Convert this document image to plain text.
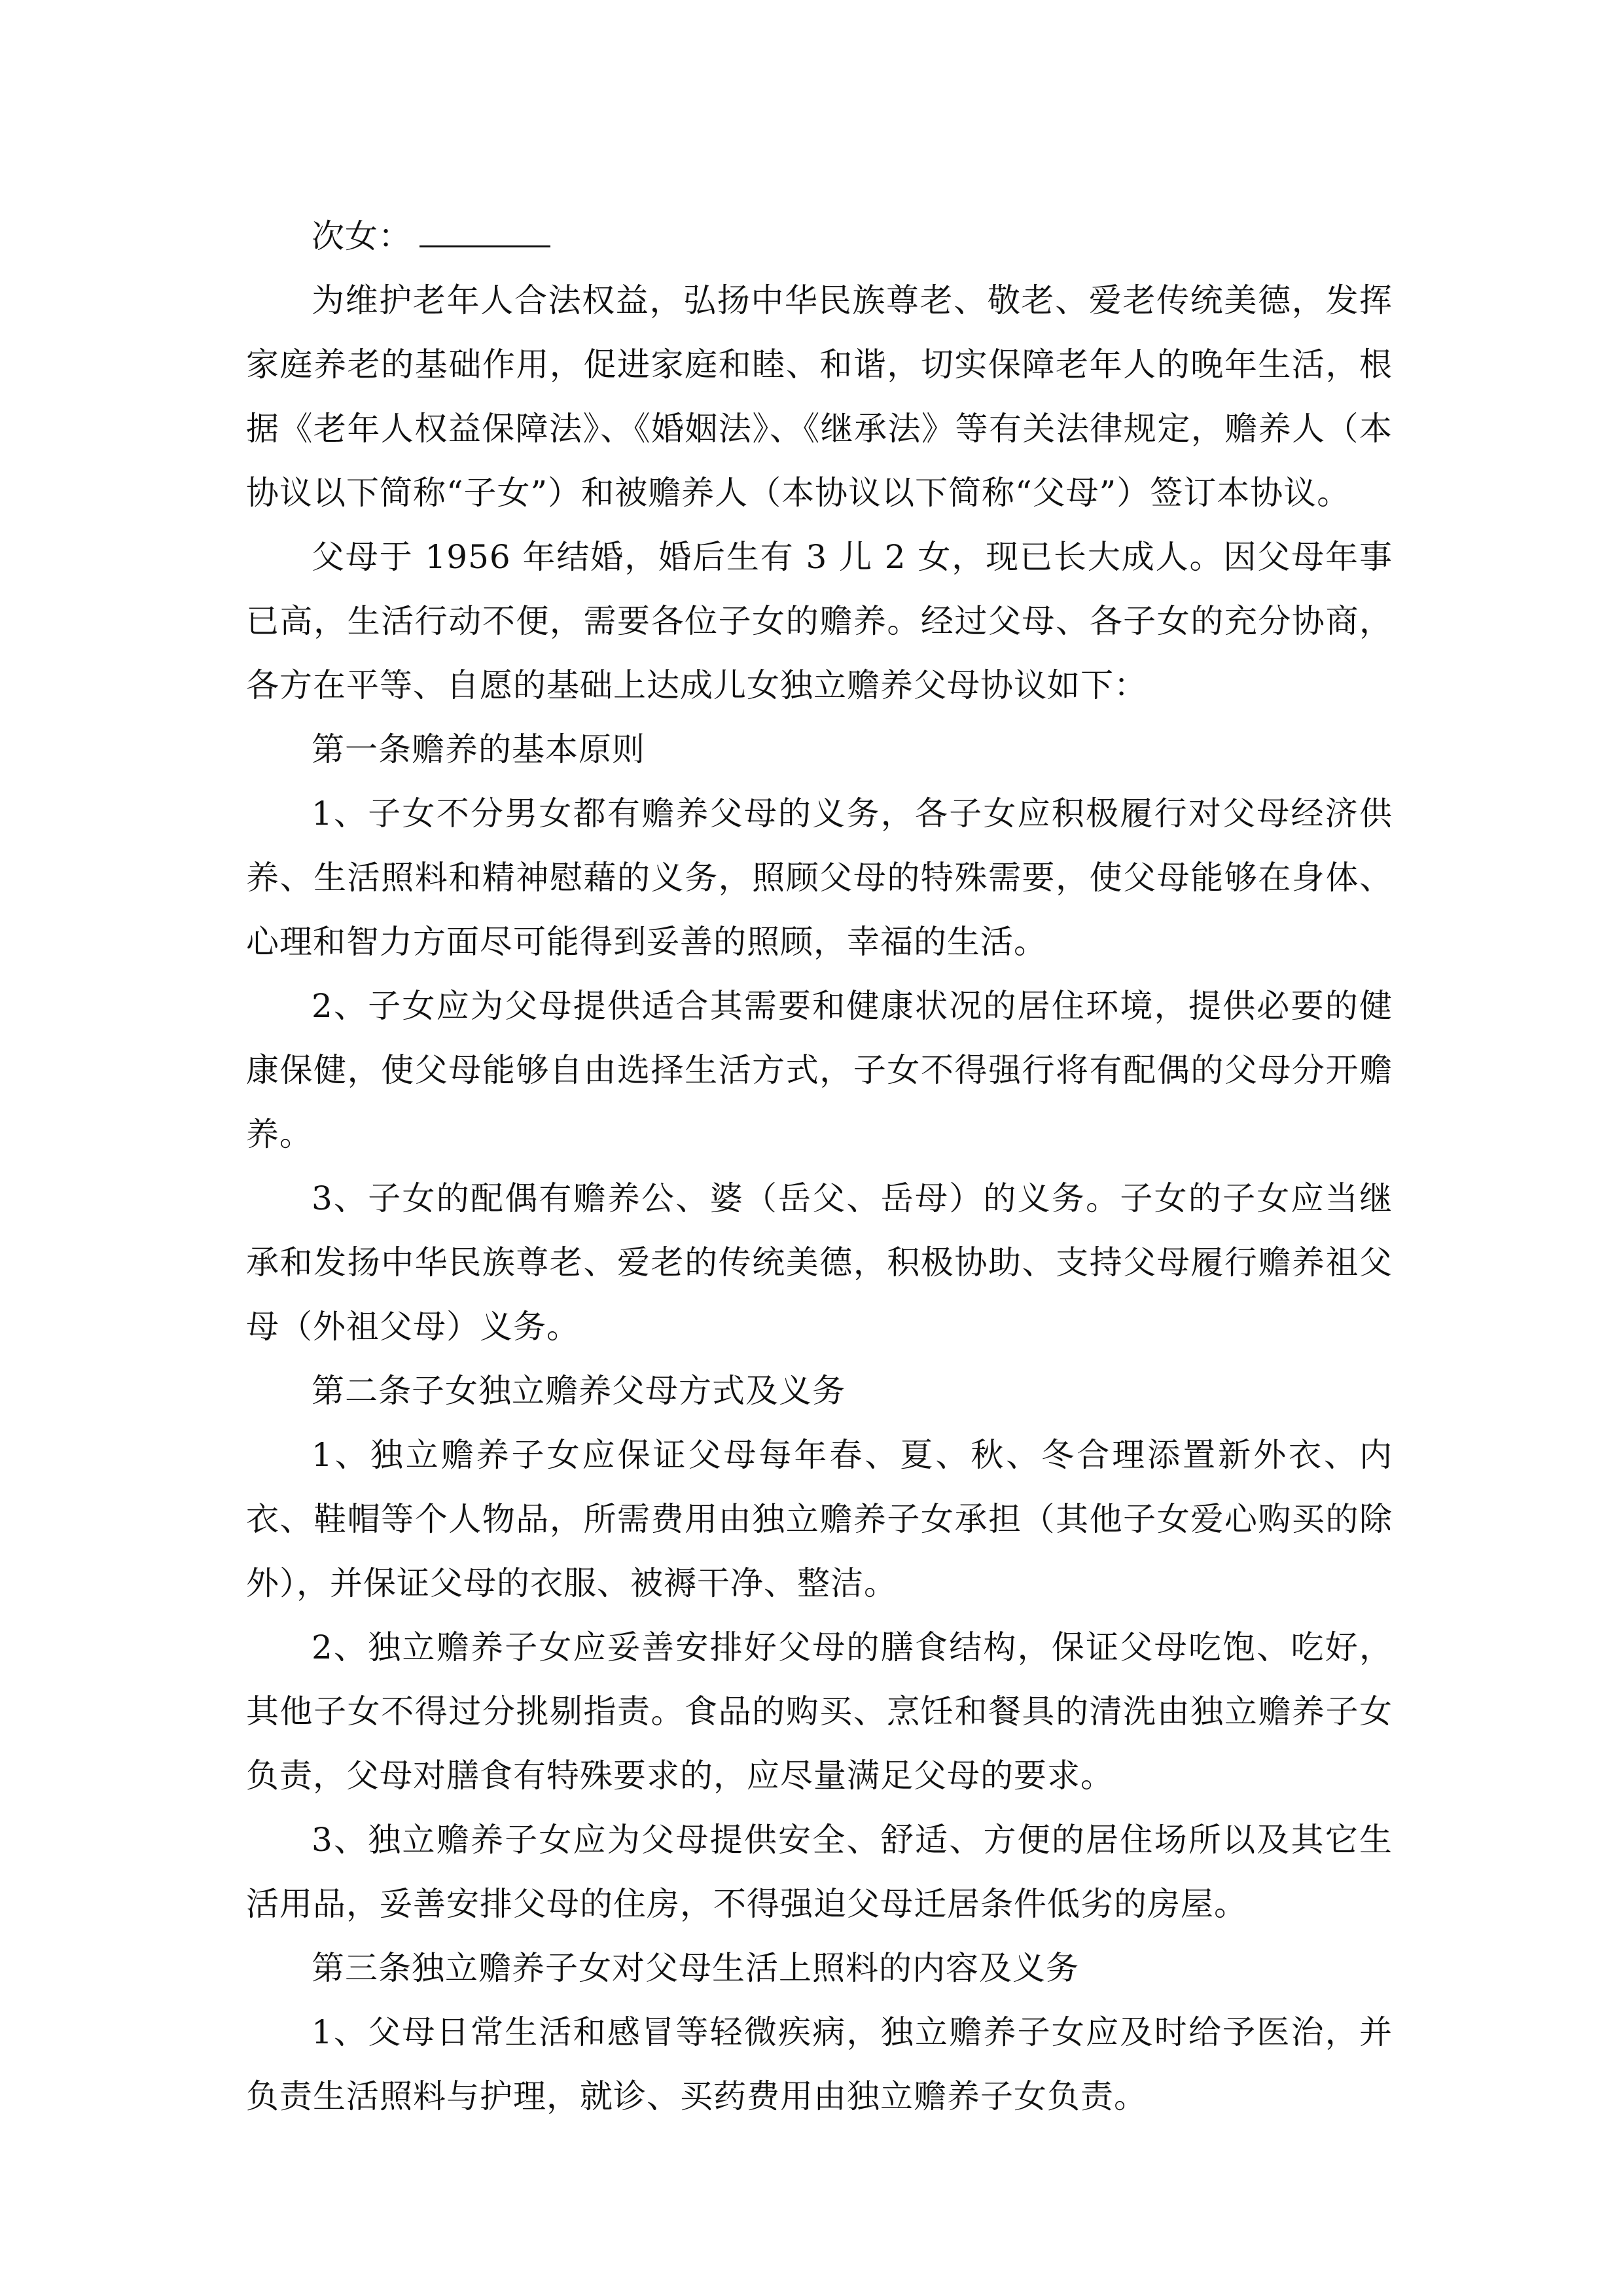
次女：

为维护老年人合法权益，弘扬中华民族尊老、敬老、爱老传统美德，发挥家庭养老的基础作用，促进家庭和睦、和谐，切实保障老年人的晚年生活，根据《老年人权益保障法》、《婚姻法》、《继承法》等有关法律规定，赡养人（本协议以下简称“子女”）和被赡养人（本协议以下简称“父母”）签订本协议。

父母于 1956 年结婚，婚后生有 3 儿 2 女，现已长大成人。因父母年事已高，生活行动不便，需要各位子女的赡养。经过父母、各子女的充分协商，各方在平等、自愿的基础上达成儿女独立赡养父母协议如下：

第一条赡养的基本原则

1、子女不分男女都有赡养父母的义务，各子女应积极履行对父母经济供养、生活照料和精神慰藉的义务，照顾父母的特殊需要，使父母能够在身体、心理和智力方面尽可能得到妥善的照顾，幸福的生活。

2、子女应为父母提供适合其需要和健康状况的居住环境，提供必要的健康保健，使父母能够自由选择生活方式，子女不得强行将有配偶的父母分开赡养。

3、子女的配偶有赡养公、婆（岳父、岳母）的义务。子女的子女应当继承和发扬中华民族尊老、爱老的传统美德，积极协助、支持父母履行赡养祖父母（外祖父母）义务。

第二条子女独立赡养父母方式及义务

1、独立赡养子女应保证父母每年春、夏、秋、冬合理添置新外衣、内衣、鞋帽等个人物品，所需费用由独立赡养子女承担（其他子女爱心购买的除外），并保证父母的衣服、被褥干净、整洁。

2、独立赡养子女应妥善安排好父母的膳食结构，保证父母吃饱、吃好，其他子女不得过分挑剔指责。食品的购买、烹饪和餐具的清洗由独立赡养子女负责，父母对膳食有特殊要求的，应尽量满足父母的要求。

3、独立赡养子女应为父母提供安全、舒适、方便的居住场所以及其它生活用品，妥善安排父母的住房，不得强迫父母迁居条件低劣的房屋。

第三条独立赡养子女对父母生活上照料的内容及义务

1、父母日常生活和感冒等轻微疾病，独立赡养子女应及时给予医治，并负责生活照料与护理，就诊、买药费用由独立赡养子女负责。
